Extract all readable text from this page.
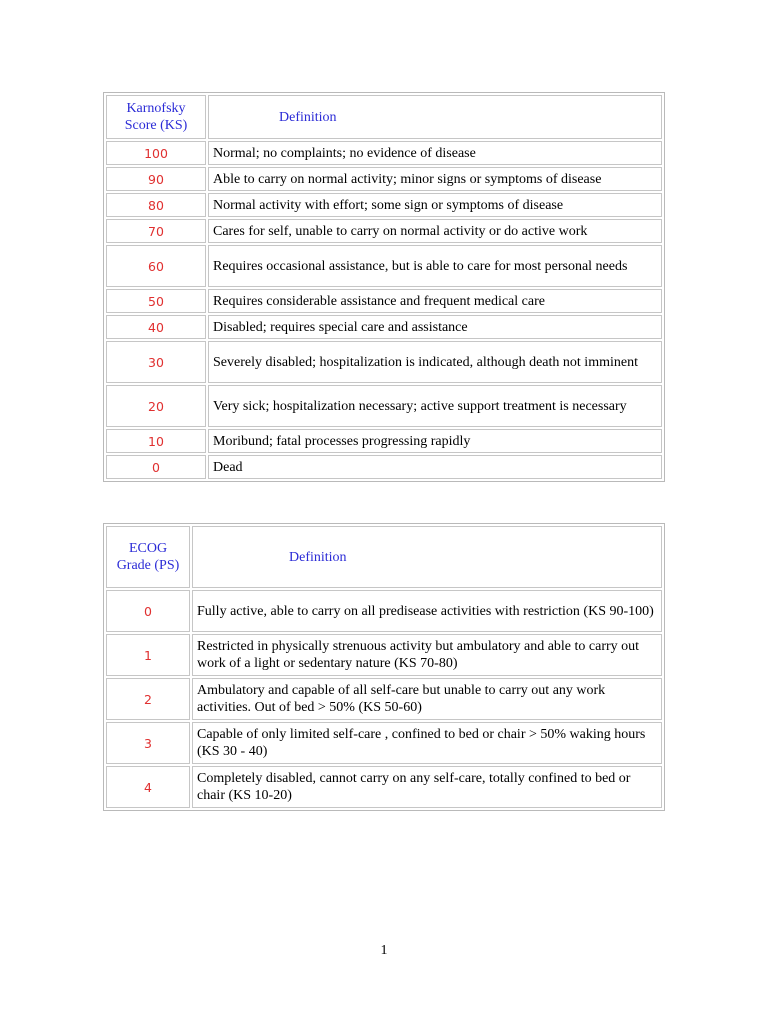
Karnofsky Score (KS)	Definition
100	Normal; no complaints; no evidence of disease
90	Able to carry on normal activity; minor signs or symptoms of disease
80	Normal activity with effort; some sign or symptoms of disease
70	Cares for self, unable to carry on normal activity or do active work
60	Requires occasional assistance, but is able to care for most personal needs
50	Requires considerable assistance and frequent medical care
40	Disabled; requires special care and assistance
30	Severely disabled; hospitalization is indicated, although death not imminent
20	Very sick; hospitalization necessary; active support treatment is necessary
10	Moribund; fatal processes progressing rapidly
0	Dead
ECOG Grade (PS)	Definition
0	Fully active, able to carry on all predisease activities with restriction (KS 90-100)
1	Restricted in physically strenuous activity but ambulatory and able to carry out work of a light or sedentary nature (KS 70-80)
2	Ambulatory and capable of all self-care but unable to carry out any work activities. Out of bed > 50% (KS 50-60)
3	Capable of only limited self-care , confined to bed or chair > 50% waking hours (KS 30 - 40)
4	Completely disabled, cannot carry on any self-care, totally confined to bed or chair (KS 10-20)
1
